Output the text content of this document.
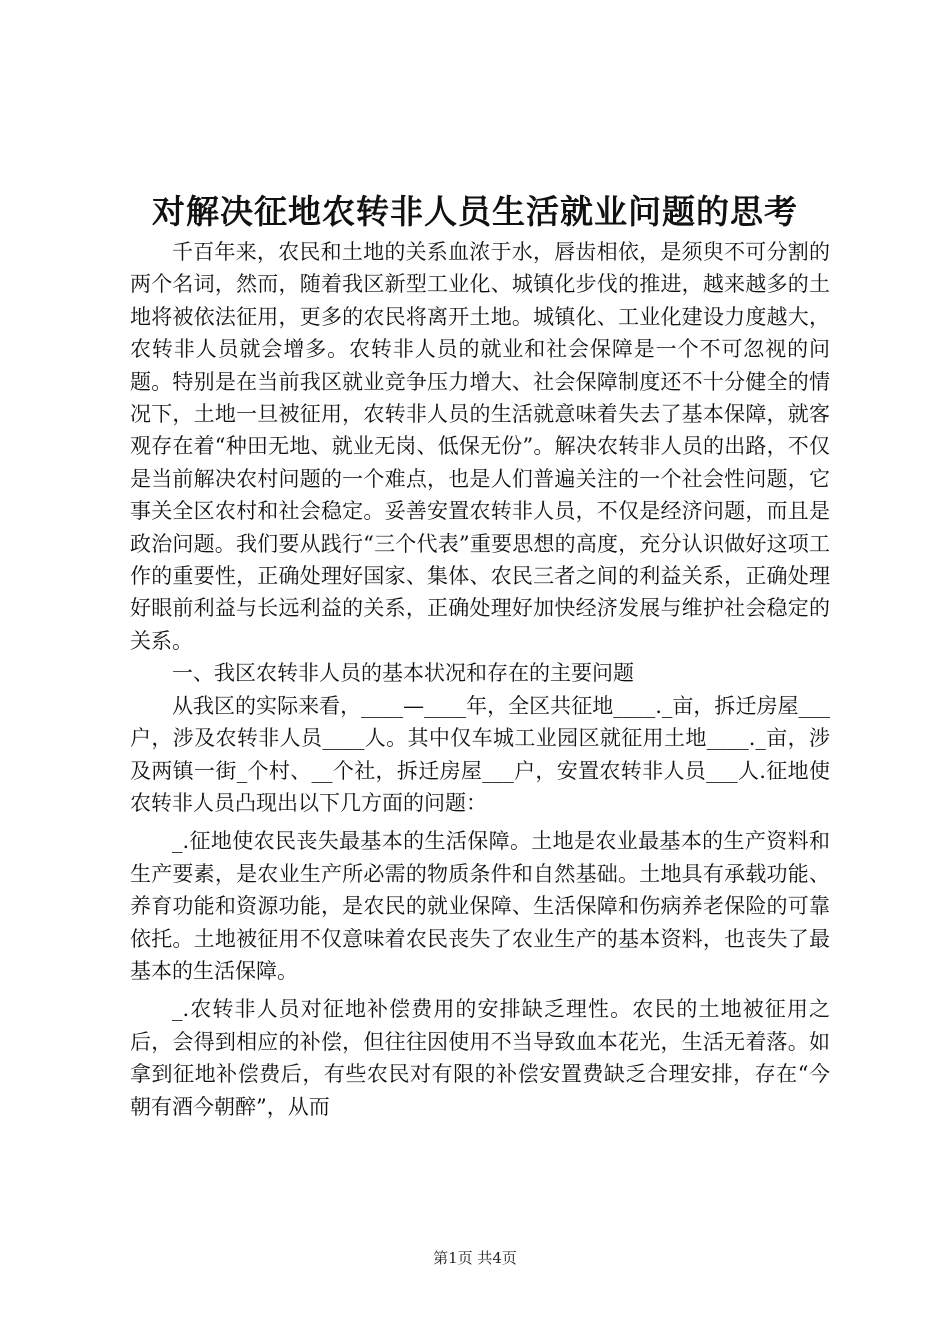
对解决征地农转非人员生活就业问题的思考

千百年来，农民和土地的关系血浓于水，唇齿相依，是须臾不可分割的两个名词，然而，随着我区新型工业化、城镇化步伐的推进，越来越多的土地将被依法征用，更多的农民将离开土地。城镇化、工业化建设力度越大，农转非人员就会增多。农转非人员的就业和社会保障是一个不可忽视的问题。特别是在当前我区就业竞争压力增大、社会保障制度还不十分健全的情况下，土地一旦被征用，农转非人员的生活就意味着失去了基本保障，就客观存在着“种田无地、就业无岗、低保无份”。解决农转非人员的出路，不仅是当前解决农村问题的一个难点，也是人们普遍关注的一个社会性问题，它事关全区农村和社会稳定。妥善安置农转非人员，不仅是经济问题，而且是政治问题。我们要从践行“三个代表”重要思想的高度，充分认识做好这项工作的重要性，正确处理好国家、集体、农民三者之间的利益关系，正确处理好眼前利益与长远利益的关系，正确处理好加快经济发展与维护社会稳定的关系。

一、我区农转非人员的基本状况和存在的主要问题

从我区的实际来看，____—____年，全区共征地____._亩，拆迁房屋___户，涉及农转非人员____人。其中仅车城工业园区就征用土地____._亩，涉及两镇一街_个村、__个社，拆迁房屋___户，安置农转非人员___人.征地使农转非人员凸现出以下几方面的问题：

_.征地使农民丧失最基本的生活保障。土地是农业最基本的生产资料和生产要素，是农业生产所必需的物质条件和自然基础。土地具有承载功能、养育功能和资源功能，是农民的就业保障、生活保障和伤病养老保险的可靠依托。土地被征用不仅意味着农民丧失了农业生产的基本资料，也丧失了最基本的生活保障。

_.农转非人员对征地补偿费用的安排缺乏理性。农民的土地被征用之后，会得到相应的补偿，但往往因使用不当导致血本花光，生活无着落。如拿到征地补偿费后，有些农民对有限的补偿安置费缺乏合理安排，存在“今朝有酒今朝醉”，从而

第1页 共4页
